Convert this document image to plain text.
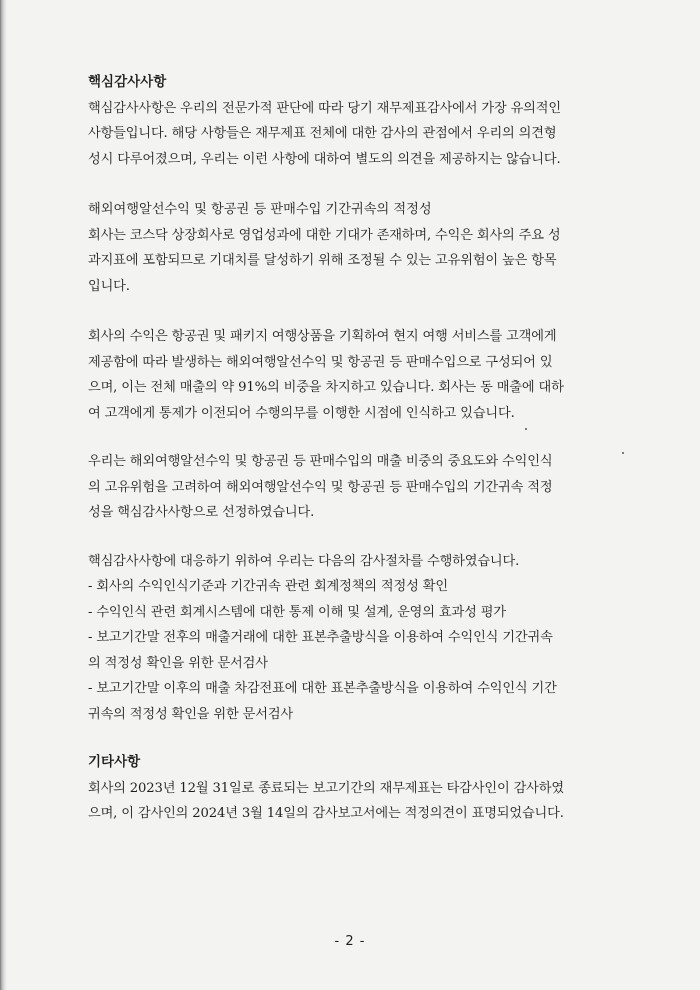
핵심감사사항
핵심감사사항은 우리의 전문가적 판단에 따라 당기 재무제표감사에서 가장 유의적인
사항들입니다. 해당 사항들은 재무제표 전체에 대한 감사의 관점에서 우리의 의견형
성시 다루어졌으며, 우리는 이런 사항에 대하여 별도의 의견을 제공하지는 않습니다.
해외여행알선수익 및 항공권 등 판매수입 기간귀속의 적정성
회사는 코스닥 상장회사로 영업성과에 대한 기대가 존재하며, 수익은 회사의 주요 성
과지표에 포함되므로 기대치를 달성하기 위해 조정될 수 있는 고유위험이 높은 항목
입니다.
회사의 수익은 항공권 및 패키지 여행상품을 기획하여 현지 여행 서비스를 고객에게
제공함에 따라 발생하는 해외여행알선수익 및 항공권 등 판매수입으로 구성되어 있
으며, 이는 전체 매출의 약 91%의 비중을 차지하고 있습니다. 회사는 동 매출에 대하
여 고객에게 통제가 이전되어 수행의무를 이행한 시점에 인식하고 있습니다.
우리는 해외여행알선수익 및 항공권 등 판매수입의 매출 비중의 중요도와 수익인식
의 고유위험을 고려하여 해외여행알선수익 및 항공권 등 판매수입의 기간귀속 적정
성을 핵심감사사항으로 선정하였습니다.
핵심감사사항에 대응하기 위하여 우리는 다음의 감사절차를 수행하였습니다.
- 회사의 수익인식기준과 기간귀속 관련 회계정책의 적정성 확인
- 수익인식 관련 회계시스템에 대한 통제 이해 및 설계, 운영의 효과성 평가
- 보고기간말 전후의 매출거래에 대한 표본추출방식을 이용하여 수익인식 기간귀속
의 적정성 확인을 위한 문서검사
- 보고기간말 이후의 매출 차감전표에 대한 표본추출방식을 이용하여 수익인식 기간
귀속의 적정성 확인을 위한 문서검사
기타사항
회사의 2023년 12월 31일로 종료되는 보고기간의 재무제표는 타감사인이 감사하였
으며, 이 감사인의 2024년 3월 14일의 감사보고서에는 적정의견이 표명되었습니다.
- 2 -
